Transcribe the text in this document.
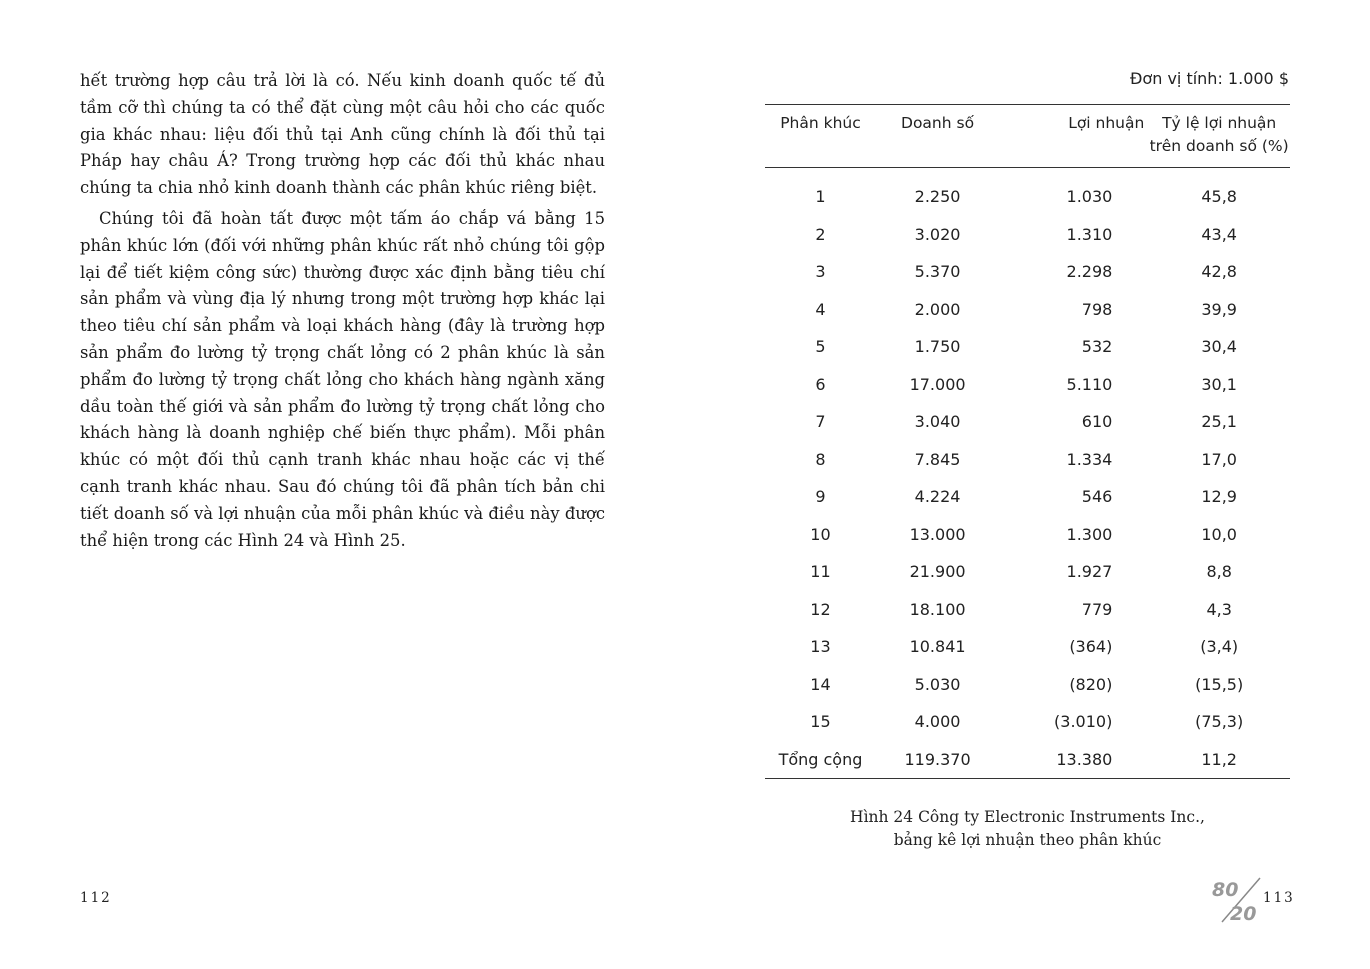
hết trường hợp câu trả lời là có. Nếu kinh doanh quốc tế đủ tầm cỡ thì chúng ta có thể đặt cùng một câu hỏi cho các quốc gia khác nhau: liệu đối thủ tại Anh cũng chính là đối thủ tại Pháp hay châu Á? Trong trường hợp các đối thủ khác nhau chúng ta chia nhỏ kinh doanh thành các phân khúc riêng biệt.

Chúng tôi đã hoàn tất được một tấm áo chắp vá bằng 15 phân khúc lớn (đối với những phân khúc rất nhỏ chúng tôi gộp lại để tiết kiệm công sức) thường được xác định bằng tiêu chí sản phẩm và vùng địa lý nhưng trong một trường hợp khác lại theo tiêu chí sản phẩm và loại khách hàng (đây là trường hợp sản phẩm đo lường tỷ trọng chất lỏng có 2 phân khúc là sản phẩm đo lường tỷ trọng chất lỏng cho khách hàng ngành xăng dầu toàn thế giới và sản phẩm đo lường tỷ trọng chất lỏng cho khách hàng là doanh nghiệp chế biến thực phẩm). Mỗi phân khúc có một đối thủ cạnh tranh khác nhau hoặc các vị thế cạnh tranh khác nhau. Sau đó chúng tôi đã phân tích bản chi tiết doanh số và lợi nhuận của mỗi phân khúc và điều này được thể hiện trong các Hình 24 và Hình 25.

112
Đơn vị tính: 1.000 $
Phân khúc	Doanh số	Lợi nhuận	Tỷ lệ lợi nhuận trên doanh số (%)
1	2.250	1.030	45,8
2	3.020	1.310	43,4
3	5.370	2.298	42,8
4	2.000	798	39,9
5	1.750	532	30,4
6	17.000	5.110	30,1
7	3.040	610	25,1
8	7.845	1.334	17,0
9	4.224	546	12,9
10	13.000	1.300	10,0
11	21.900	1.927	8,8
12	18.100	779	4,3
13	10.841	(364)	(3,4)
14	5.030	(820)	(15,5)
15	4.000	(3.010)	(75,3)
Tổng cộng	119.370	13.380	11,2
Hình 24 Công ty Electronic Instruments Inc.,
bảng kê lợi nhuận theo phân khúc
80
20
113
